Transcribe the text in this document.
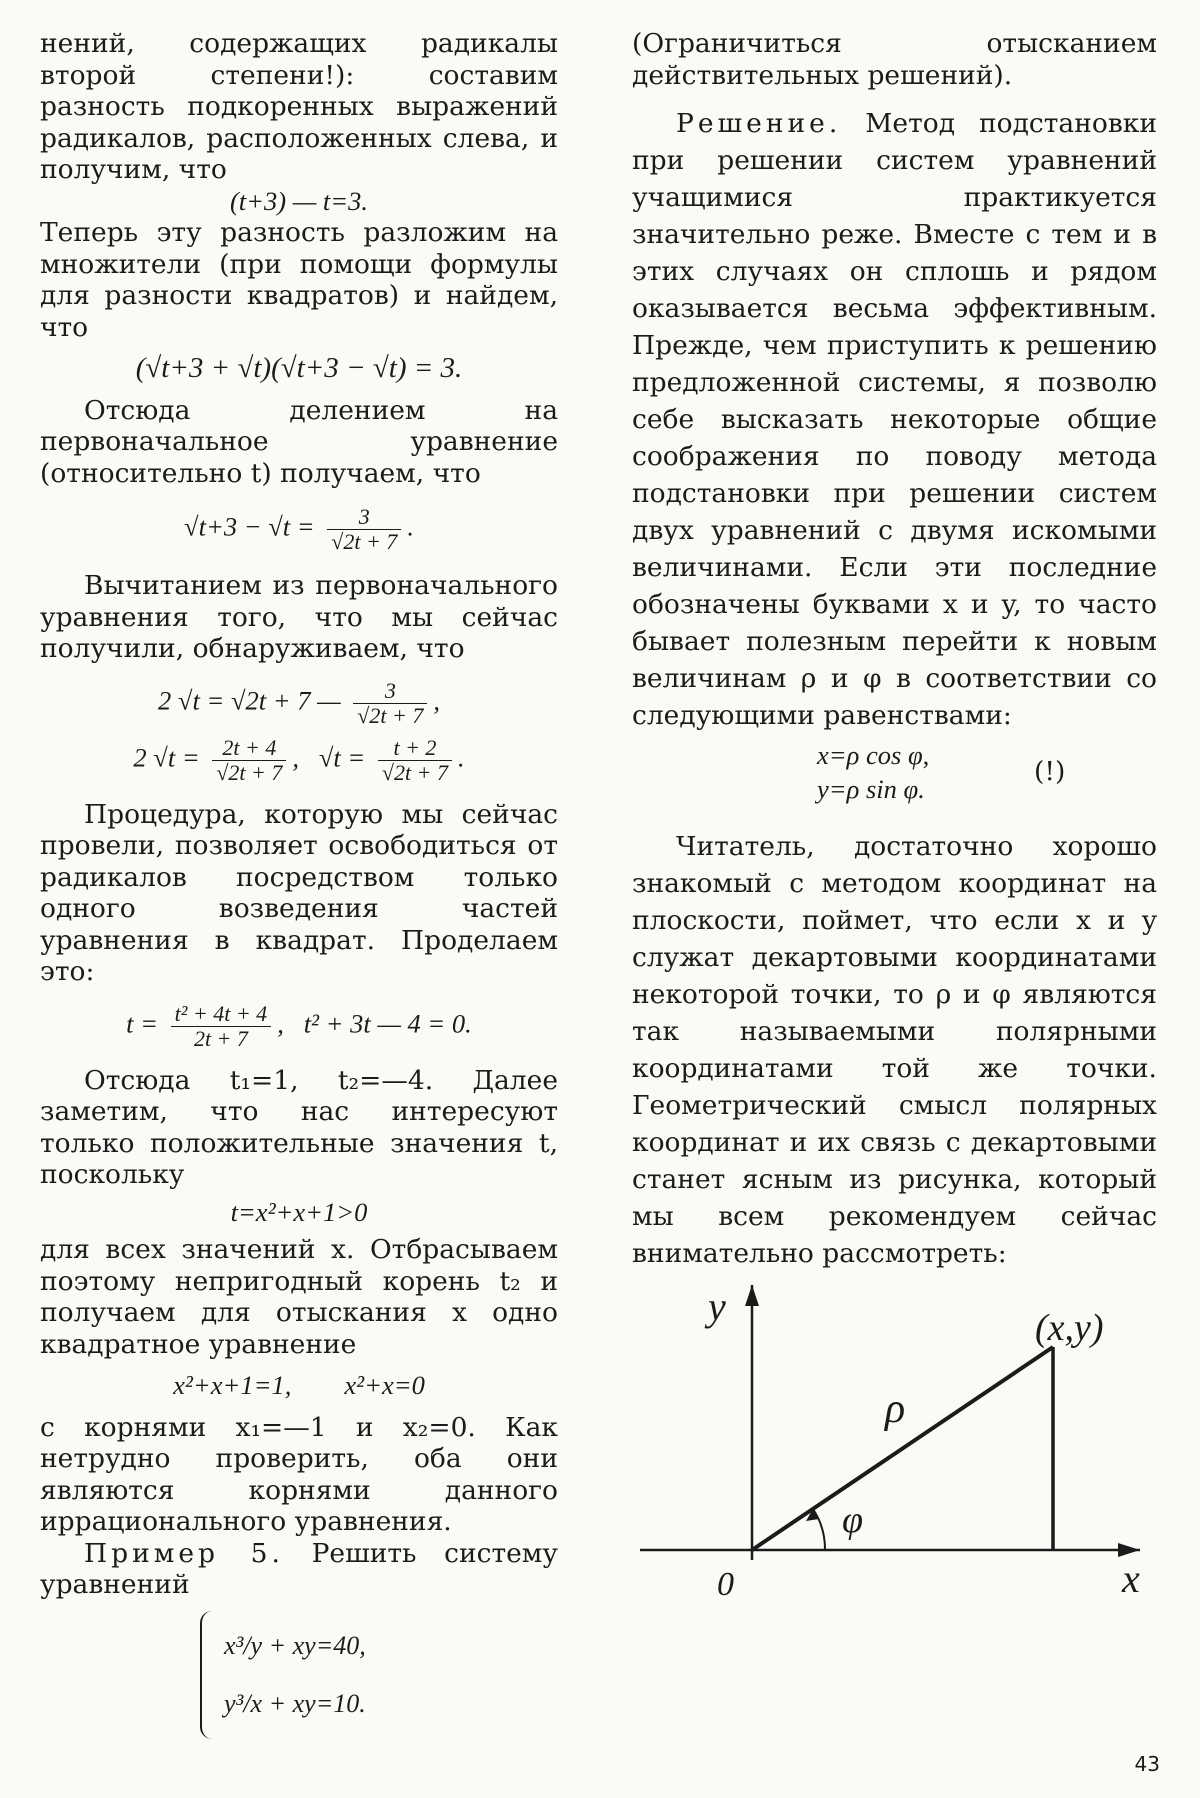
нений, содержащих радикалы второй степени!): составим разность подкоренных выражений радикалов, расположенных слева, и получим, что

(t+3) — t=3.

Теперь эту разность разложим на множители (при помощи формулы для разности квадратов) и найдем, что

(√t+3 + √t)(√t+3 − √t) = 3.

Отсюда делением на первоначальное уравнение (относительно t) получаем, что

$√t+3 - √t = \frac{3}{√2t + 7}$ .

Вычитанием из первоначального уравнения того, что мы сейчас получили, обнаруживаем, что

2 √t = √2t + 7 — $\frac{3}{√2t + 7}$ ,
2 $√t = \frac{2t + 4}{√2t + 7}$ ,   $√t = \frac{t + 2}{√2t + 7}$ .

Процедура, которую мы сейчас провели, позволяет освободиться от радикалов посредством только одного возведения частей уравнения в квадрат. Проделаем это:

$t = \frac{\text{t² + 4t + 4}}{2t + 7}$ ,   t² + 3t — 4 = 0.

Отсюда t₁=1, t₂=—4. Далее заметим, что нас интересуют только положительные значения t, поскольку

t=x²+x+1>0

для всех значений x. Отбрасываем поэтому непригодный корень t₂ и получаем для отыскания x одно квадратное уравнение

x²+x+1=1,        x²+x=0

с корнями x₁=—1 и x₂=0. Как нетрудно проверить, оба они являются корнями данного иррационального уравнения.

Пример 5. Решить систему уравнений

x³/y + xy=40,
y³/x + xy=10.

(Ограничиться отысканием действительных решений).

Решение. Метод подстановки при решении систем уравнений учащимися практикуется значительно реже. Вместе с тем и в этих случаях он сплошь и рядом оказывается весьма эффективным. Прежде, чем приступить к решению предложенной системы, я позволю себе высказать некоторые общие соображения по поводу метода подстановки при решении систем двух уравнений с двумя искомыми величинами. Если эти последние обозначены буквами x и y, то часто бывает полезным перейти к новым величинам ρ и φ в соответствии со следующими равенствами:

x=ρ cos φ,
y=ρ sin φ.
(!)

Читатель, достаточно хорошо знакомый с методом координат на плоскости, поймет, что если x и y служат декартовыми координатами некоторой точки, то ρ и φ являются так называемыми полярными координатами той же точки. Геометрический смысл полярных координат и их связь с декартовыми станет ясным из рисунка, который мы всем рекомендуем сейчас внимательно рассмотреть:

y
x
0
(x,y)
ρ
φ
43
